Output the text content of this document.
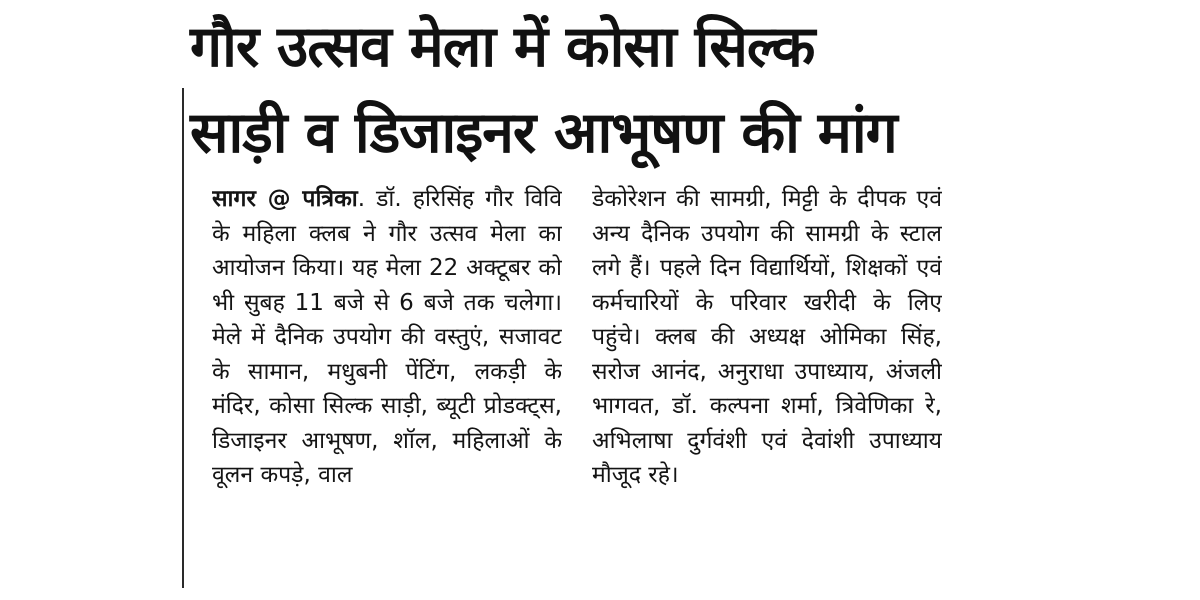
गौर उत्सव मेला में कोसा सिल्क
साड़ी व डिजाइनर आभूषण की मांग
सागर @ पत्रिका. डॉ. हरिसिंह गौर विवि के महिला क्लब ने गौर उत्सव मेला का आयोजन किया। यह मेला 22 अक्टूबर को भी सुबह 11 बजे से 6 बजे तक चलेगा। मेले में दैनिक उपयोग की वस्तुएं, सजावट के सामान, मधुबनी पेंटिंग, लकड़ी के मंदिर, कोसा सिल्क साड़ी, ब्यूटी प्रोडक्ट्स, डिजाइनर आभूषण, शॉल, महिलाओं के वूलन कपड़े, वाल
डेकोरेशन की सामग्री, मिट्टी के दीपक एवं अन्य दैनिक उपयोग की सामग्री के स्टाल लगे हैं। पहले दिन विद्यार्थियों, शिक्षकों एवं कर्मचारियों के परिवार खरीदी के लिए पहुंचे। क्लब की अध्यक्ष ओमिका सिंह, सरोज आनंद, अनुराधा उपाध्याय, अंजली भागवत, डॉ. कल्पना शर्मा, त्रिवेणिका रे, अभिलाषा दुर्गवंशी एवं देवांशी उपाध्याय मौजूद रहे।
